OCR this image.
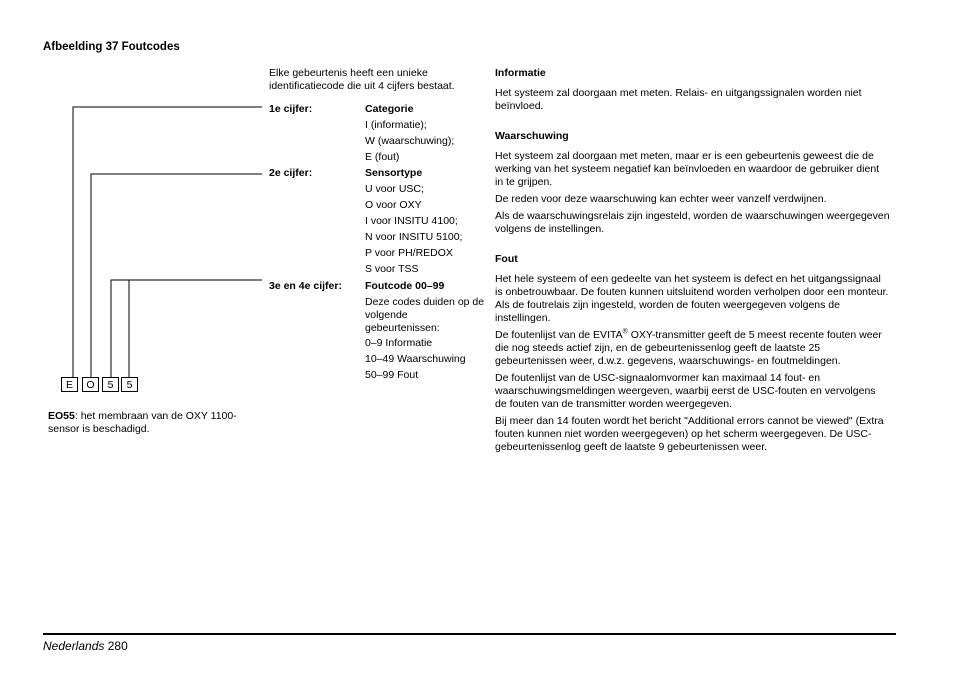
Afbeelding 37 Foutcodes
E	O	5	5
EO55: het membraan van de OXY 1100-sensor is beschadigd.
Elke gebeurtenis heeft een unieke identificatiecode die uit 4 cijfers bestaat.
1e cijfer:	Categorie
I (informatie);
W (waarschuwing);
E (fout)
2e cijfer:	Sensortype
U voor USC;
O voor OXY
I voor INSITU 4100;
N voor INSITU 5100;
P voor PH/REDOX
S voor TSS
3e en 4e cijfer: Foutcode 00–99
Deze codes duiden op de volgende gebeurtenissen:
0–9 Informatie
10–49 Waarschuwing
50–99 Fout
Informatie

Het systeem zal doorgaan met meten. Relais- en uitgangssignalen worden niet beïnvloed.

Waarschuwing

Het systeem zal doorgaan met meten, maar er is een gebeurtenis geweest die de werking van het systeem negatief kan beïnvloeden en waardoor de gebruiker dient in te grijpen.

De reden voor deze waarschuwing kan echter weer vanzelf verdwijnen.

Als de waarschuwingsrelais zijn ingesteld, worden de waarschuwingen weergegeven volgens de instellingen.

Fout

Het hele systeem of een gedeelte van het systeem is defect en het uitgangssignaal is onbetrouwbaar. De fouten kunnen uitsluitend worden verholpen door een monteur. Als de foutrelais zijn ingesteld, worden de fouten weergegeven volgens de instellingen.

De foutenlijst van de EVITA® OXY-transmitter geeft de 5 meest recente fouten weer die nog steeds actief zijn, en de gebeurtenissenlog geeft de laatste 25 gebeurtenissen weer, d.w.z. gegevens, waarschuwings- en foutmeldingen.

De foutenlijst van de USC-signaalomvormer kan maximaal 14 fout- en waarschuwingsmeldingen weergeven, waarbij eerst de USC-fouten en vervolgens de fouten van de transmitter worden weergegeven.

Bij meer dan 14 fouten wordt het bericht "Additional errors cannot be viewed" (Extra fouten kunnen niet worden weergegeven) op het scherm weergegeven. De USC-gebeurtenissenlog geeft de laatste 9 gebeurtenissen weer.

Nederlands 280
